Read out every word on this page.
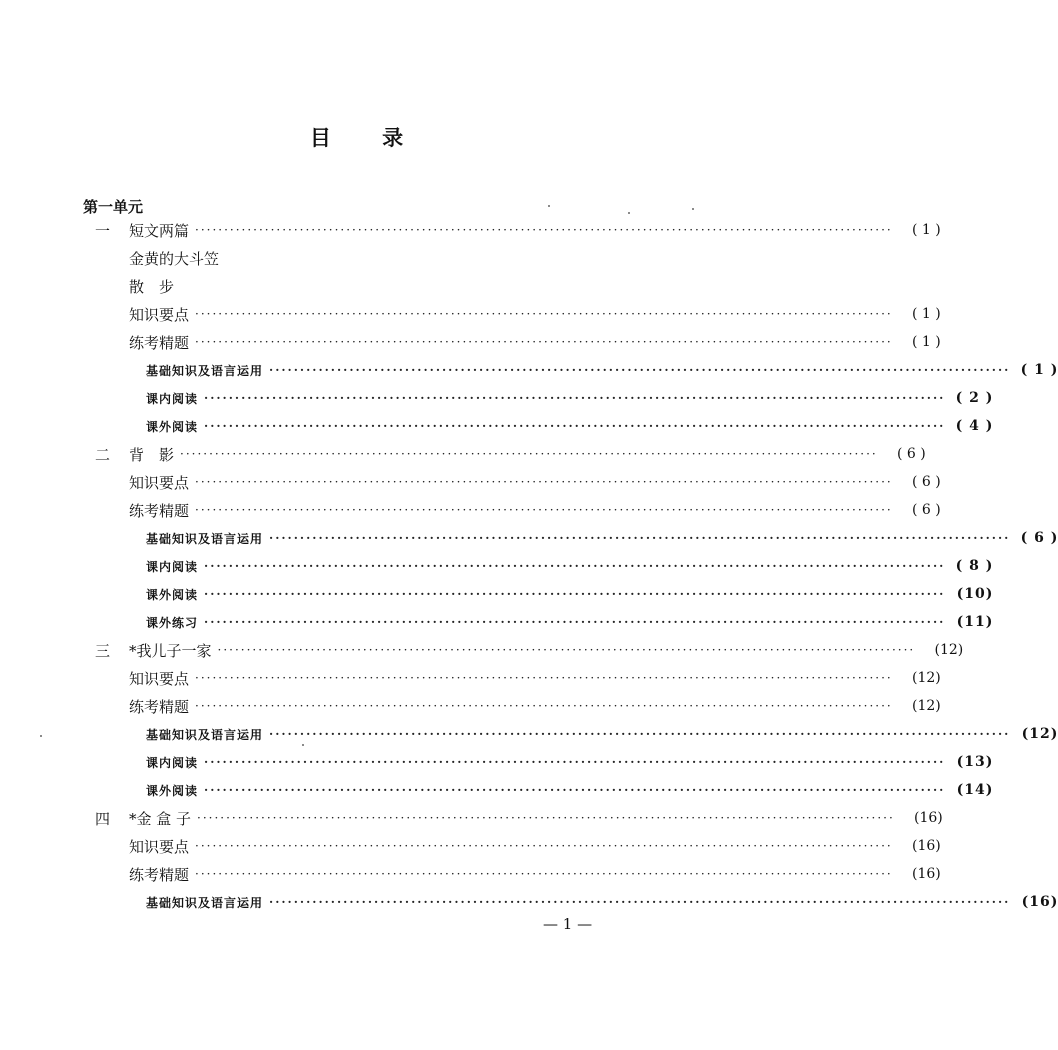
目 录
第一单元
一	短文两篇 ························································································································	( 1 )
金黄的大斗笠
散　步
知识要点 ························································································································	( 1 )
练考精题 ························································································································	( 1 )
基础知识及语言运用 ························································································································ ( 1 )
课内阅读 ························································································································ ( 2 )
课外阅读 ························································································································ ( 4 )
二	背　影 ························································································································	( 6 )
知识要点 ························································································································	( 6 )
练考精题 ························································································································	( 6 )
基础知识及语言运用 ························································································································ ( 6 )
课内阅读 ························································································································ ( 8 )
课外阅读 ························································································································ (10)
课外练习 ························································································································ (11)
三	*我儿子一家 ························································································································	(12)
知识要点 ························································································································	(12)
练考精题 ························································································································	(12)
基础知识及语言运用 ························································································································ (12)
课内阅读 ························································································································ (13)
课外阅读 ························································································································ (14)
四	*金 盒 子 ························································································································	(16)
知识要点 ························································································································	(16)
练考精题 ························································································································	(16)
基础知识及语言运用 ························································································································ (16)
— 1 —
